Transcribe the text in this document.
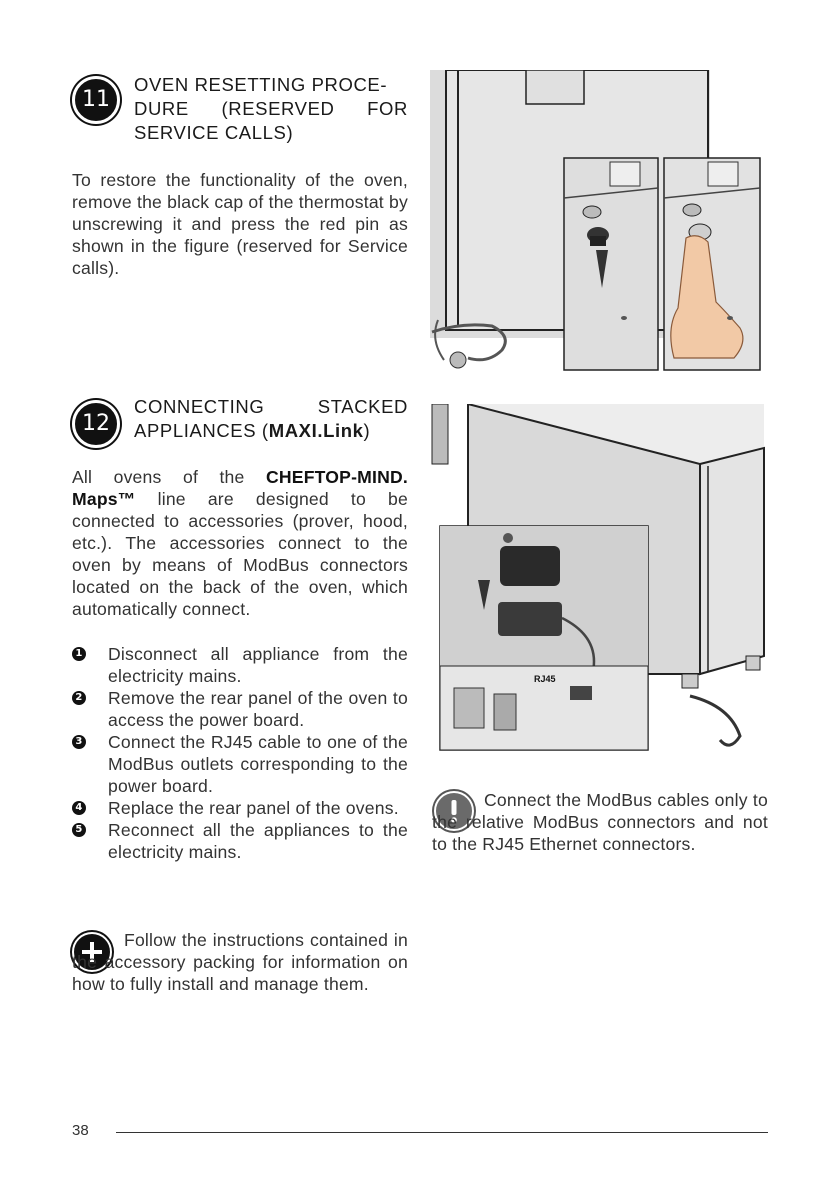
11
OVEN RESETTING PROCE-
DURE (RESERVED FOR
SERVICE CALLS)

To restore the functionality of the oven, remove the black cap of the thermostat by unscrewing it and press the red pin as shown in the figure (reserved for Service calls).

12
CONNECTING STACKED
APPLIANCES (MAXI.Link)

All ovens of the CHEFTOP-MIND. Maps™ line are designed to be connected to accessories (prover, hood, etc.). The accessories connect to the oven by means of ModBus connectors located on the back of the oven, which automatically connect.

1 Disconnect all appliance from the electricity mains.
2 Remove the rear panel of the oven to access the power board.
3 Connect the RJ45 cable to one of the ModBus outlets corresponding to the power board.
4 Replace the rear panel of the ovens.
5 Reconnect all the appliances to the electricity mains.

Follow the instructions contained in the accessory packing for information on how to fully install and manage them.

RJ45

Connect the ModBus cables only to the relative ModBus connectors and not to the RJ45 Ethernet connectors.

38
